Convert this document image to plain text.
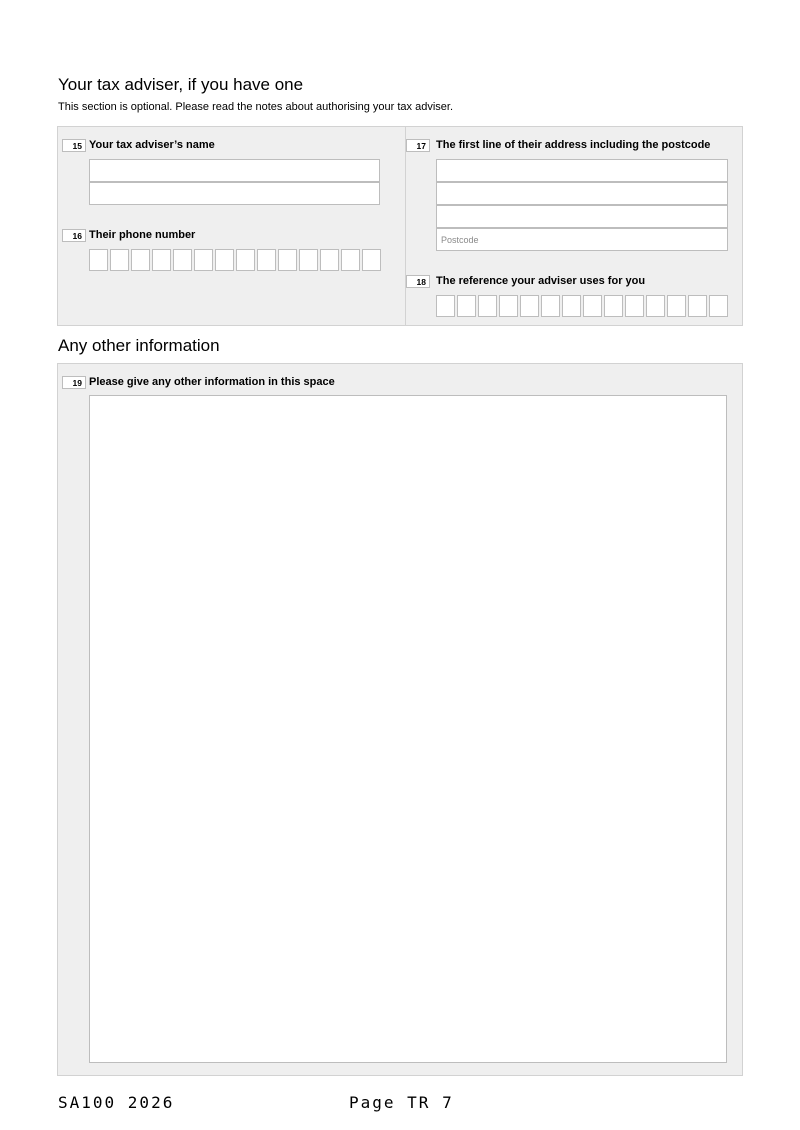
Your tax adviser, if you have one
This section is optional. Please read the notes about authorising your tax adviser.
15 Your tax adviser’s name
16 Their phone number
17 The first line of their address including the postcode
Postcode
18 The reference your adviser uses for you
Any other information
19 Please give any other information in this space
SA100 2026	Page TR 7
